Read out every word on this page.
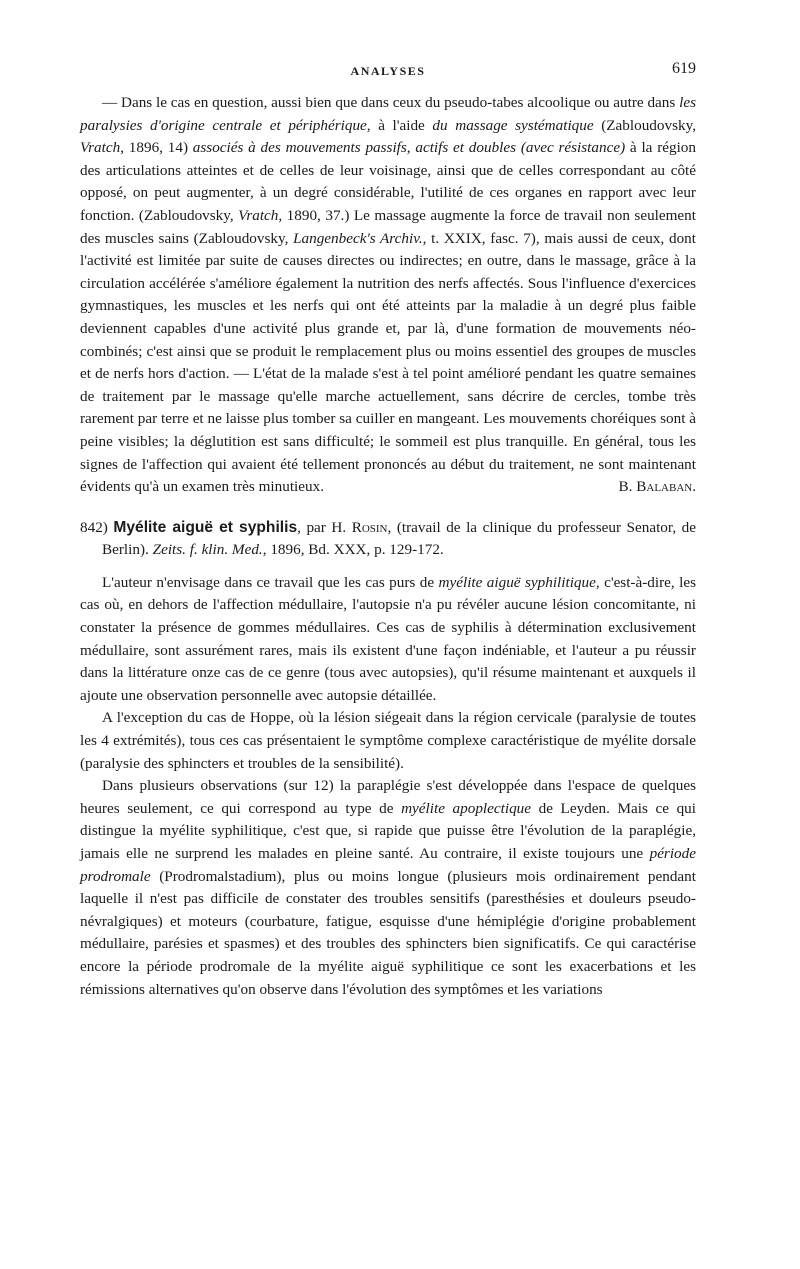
ANALYSES	619

— Dans le cas en question, aussi bien que dans ceux du pseudo-tabes alcoolique ou autre dans les paralysies d'origine centrale et périphérique, à l'aide du massage systématique (Zabloudovsky, Vratch, 1896, 14) associés à des mouvements passifs, actifs et doubles (avec résistance) à la région des articulations atteintes et de celles de leur voisinage, ainsi que de celles correspondant au côté opposé, on peut augmenter, à un degré considérable, l'utilité de ces organes en rapport avec leur fonction. (Zabloudovsky, Vratch, 1890, 37.) Le massage augmente la force de travail non seulement des muscles sains (Zabloudovsky, Langenbeck's Archiv., t. XXIX, fasc. 7), mais aussi de ceux, dont l'activité est limitée par suite de causes directes ou indirectes; en outre, dans le massage, grâce à la circulation accélérée s'améliore également la nutrition des nerfs affectés. Sous l'influence d'exercices gymnastiques, les muscles et les nerfs qui ont été atteints par la maladie à un degré plus faible deviennent capables d'une activité plus grande et, par là, d'une formation de mouvements néo-combinés; c'est ainsi que se produit le remplacement plus ou moins essentiel des groupes de muscles et de nerfs hors d'action. — L'état de la malade s'est à tel point amélioré pendant les quatre semaines de traitement par le massage qu'elle marche actuellement, sans décrire de cercles, tombe très rarement par terre et ne laisse plus tomber sa cuiller en mangeant. Les mouvements choréiques sont à peine visibles; la déglutition est sans difficulté; le sommeil est plus tranquille. En général, tous les signes de l'affection qui avaient été tellement prononcés au début du traitement, ne sont maintenant évidents qu'à un examen très minutieux.	B. Balaban.

842) Myélite aiguë et syphilis, par H. Rosin, (travail de la clinique du professeur Senator, de Berlin). Zeits. f. klin. Med., 1896, Bd. XXX, p. 129-172.

L'auteur n'envisage dans ce travail que les cas purs de myélite aiguë syphilitique, c'est-à-dire, les cas où, en dehors de l'affection médullaire, l'autopsie n'a pu révéler aucune lésion concomitante, ni constater la présence de gommes médullaires. Ces cas de syphilis à détermination exclusivement médullaire, sont assurément rares, mais ils existent d'une façon indéniable, et l'auteur a pu réussir dans la littérature onze cas de ce genre (tous avec autopsies), qu'il résume maintenant et auxquels il ajoute une observation personnelle avec autopsie détaillée.

A l'exception du cas de Hoppe, où la lésion siégeait dans la région cervicale (paralysie de toutes les 4 extrémités), tous ces cas présentaient le symptôme complexe caractéristique de myélite dorsale (paralysie des sphincters et troubles de la sensibilité).

Dans plusieurs observations (sur 12) la paraplégie s'est développée dans l'espace de quelques heures seulement, ce qui correspond au type de myélite apoplectique de Leyden. Mais ce qui distingue la myélite syphilitique, c'est que, si rapide que puisse être l'évolution de la paraplégie, jamais elle ne surprend les malades en pleine santé. Au contraire, il existe toujours une période prodromale (Prodromalstadium), plus ou moins longue (plusieurs mois ordinairement pendant laquelle il n'est pas difficile de constater des troubles sensitifs (paresthésies et douleurs pseudo-névralgiques) et moteurs (courbature, fatigue, esquisse d'une hémiplégie d'origine probablement médullaire, parésies et spasmes) et des troubles des sphincters bien significatifs. Ce qui caractérise encore la période prodromale de la myélite aiguë syphilitique ce sont les exacerbations et les rémissions alternatives qu'on observe dans l'évolution des symptômes et les variations
